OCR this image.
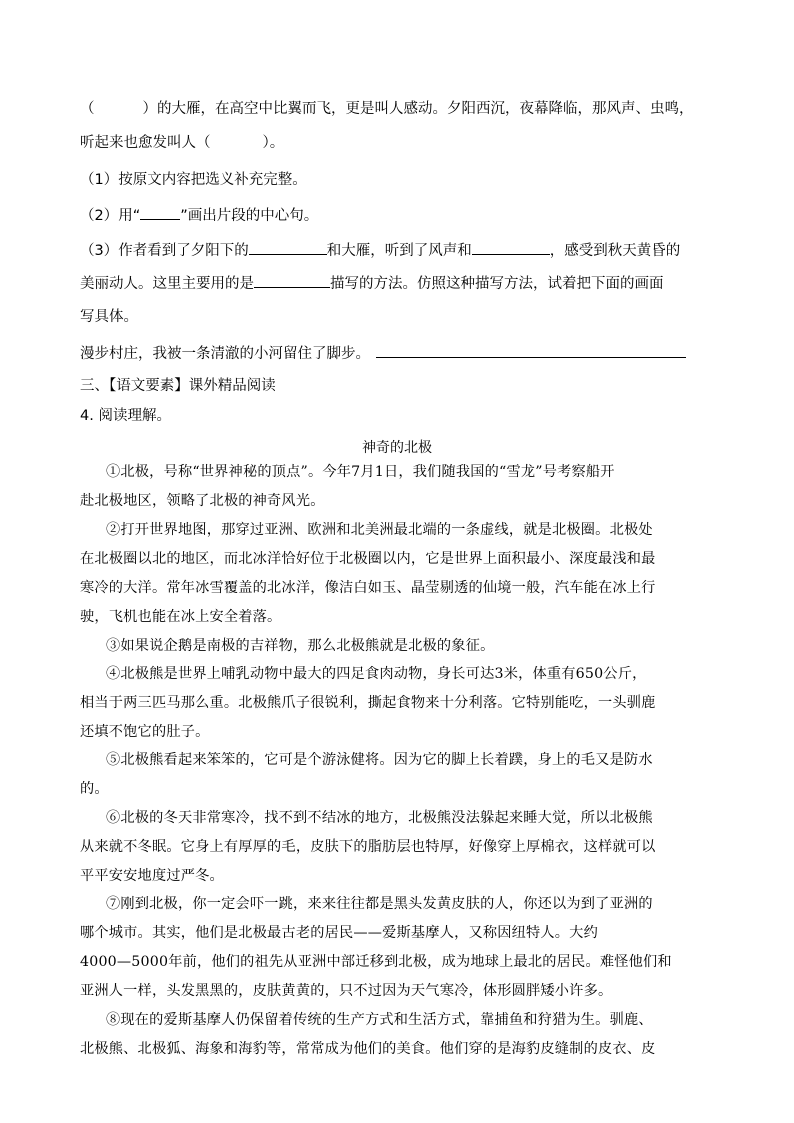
（	）的大雁，在高空中比翼而飞，更是叫人感动。夕阳西沉，夜幕降临，那风声、虫鸣，
听起来也愈发叫人（	）。
（1）按原文内容把选义补充完整。
（2）用“	”画出片段的中心句。
（3）作者看到了夕阳下的	和大雁，听到了风声和	，感受到秋天黄昏的
美丽动人。这里主要用的是	描写的方法。仿照这种描写方法，试着把下面的画面
写具体。
漫步村庄，我被一条清澈的小河留住了脚步。
三、【语文要素】课外精品阅读
4. 阅读理解。
神奇的北极
①北极，号称“世界神秘的顶点”。今年7月1日，我们随我国的“雪龙”号考察船开
赴北极地区，领略了北极的神奇风光。
②打开世界地图，那穿过亚洲、欧洲和北美洲最北端的一条虚线，就是北极圈。北极处
在北极圈以北的地区，而北冰洋恰好位于北极圈以内，它是世界上面积最小、深度最浅和最
寒冷的大洋。常年冰雪覆盖的北冰洋，像洁白如玉、晶莹剔透的仙境一般，汽车能在冰上行
驶，飞机也能在冰上安全着落。
③如果说企鹅是南极的吉祥物，那么北极熊就是北极的象征。
④北极熊是世界上哺乳动物中最大的四足食肉动物，身长可达3米，体重有650公斤，
相当于两三匹马那么重。北极熊爪子很锐利，撕起食物来十分利落。它特别能吃，一头驯鹿
还填不饱它的肚子。
⑤北极熊看起来笨笨的，它可是个游泳健将。因为它的脚上长着蹼，身上的毛又是防水
的。
⑥北极的冬天非常寒冷，找不到不结冰的地方，北极熊没法躲起来睡大觉，所以北极熊
从来就不冬眠。它身上有厚厚的毛，皮肤下的脂肪层也特厚，好像穿上厚棉衣，这样就可以
平平安安地度过严冬。
⑦刚到北极，你一定会吓一跳，来来往往都是黑头发黄皮肤的人，你还以为到了亚洲的
哪个城市。其实，他们是北极最古老的居民——爱斯基摩人，又称因纽特人。大约
4000—5000年前，他们的祖先从亚洲中部迁移到北极，成为地球上最北的居民。难怪他们和
亚洲人一样，头发黑黑的，皮肤黄黄的，只不过因为天气寒冷，体形圆胖矮小许多。
⑧现在的爱斯基摩人仍保留着传统的生产方式和生活方式，靠捕鱼和狩猎为生。驯鹿、
北极熊、北极狐、海象和海豹等，常常成为他们的美食。他们穿的是海豹皮缝制的皮衣、皮
